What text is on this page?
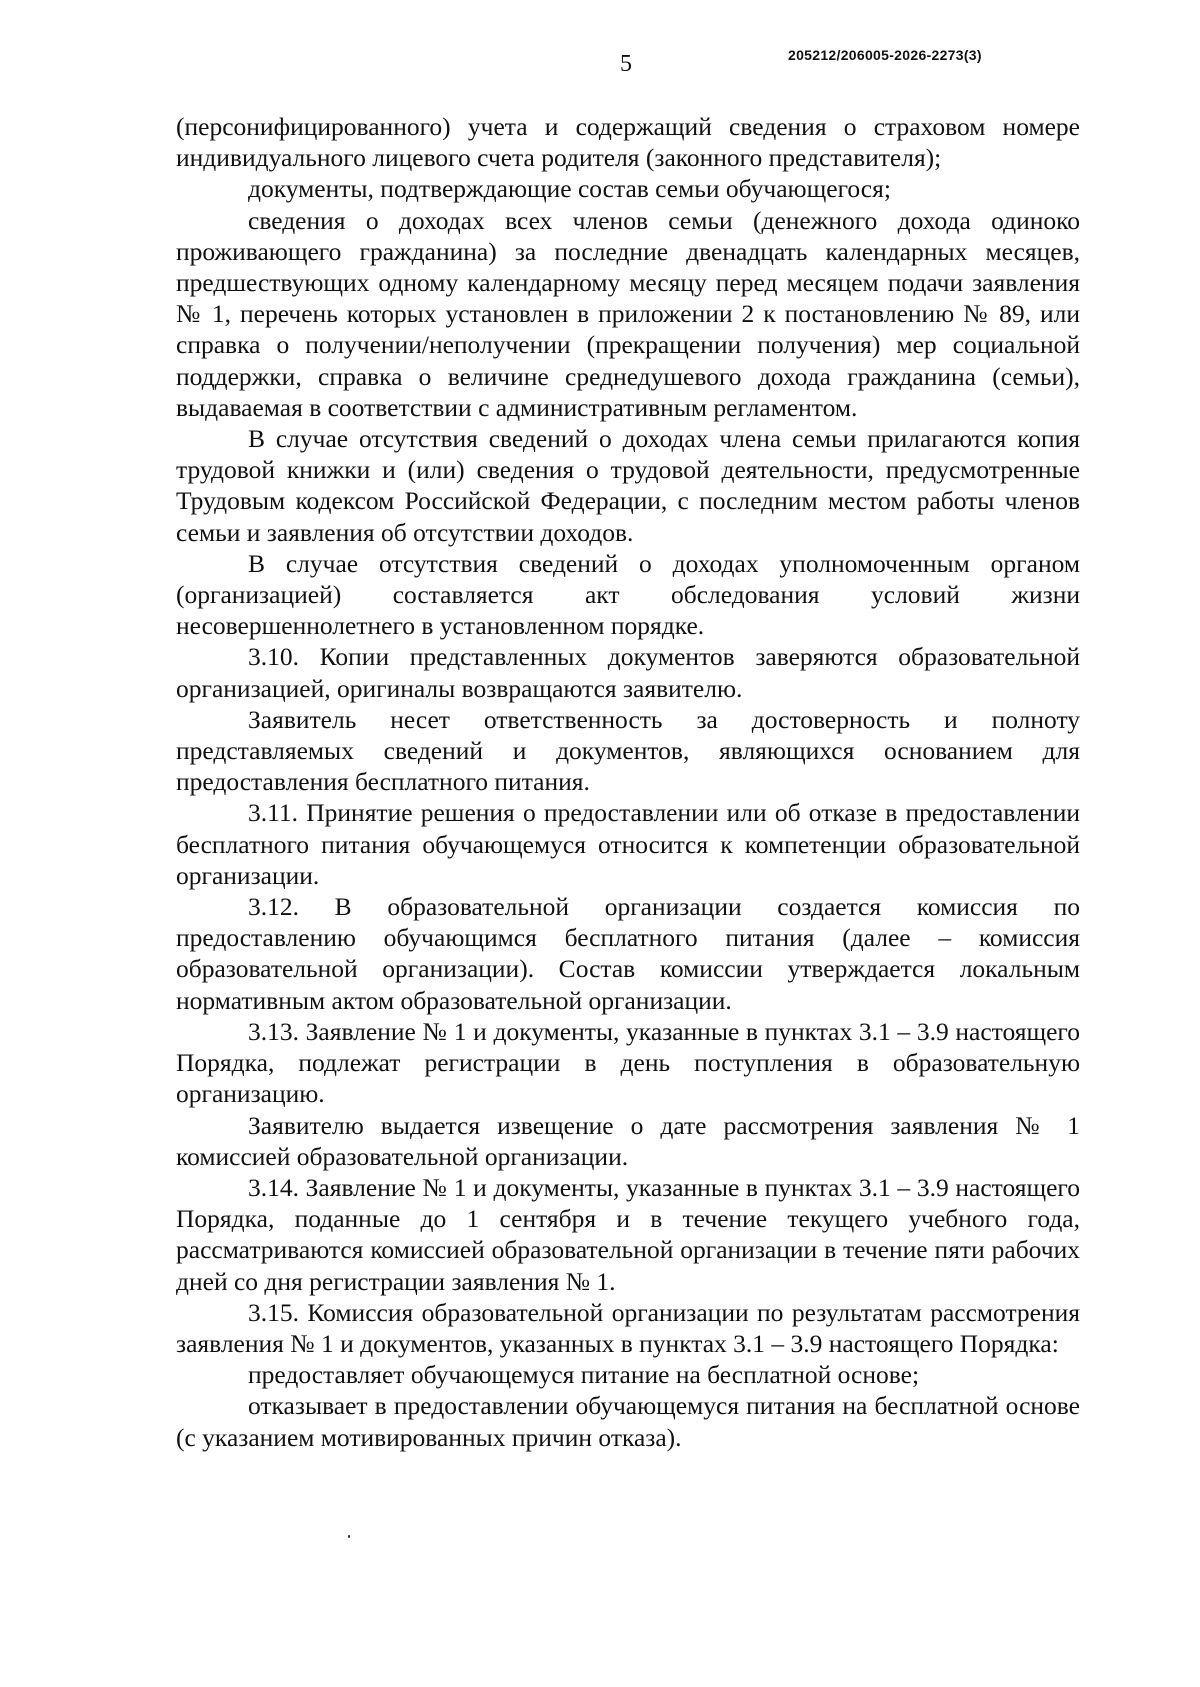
5	205212/206005-2026-2273(3)

(персонифицированного) учета и содержащий сведения о страховом номере индивидуального лицевого счета родителя (законного представителя);

документы, подтверждающие состав семьи обучающегося;

сведения о доходах всех членов семьи (денежного дохода одиноко проживающего гражданина) за последние двенадцать календарных месяцев, предшествующих одному календарному месяцу перед месяцем подачи заявления № 1, перечень которых установлен в приложении 2 к постановлению № 89, или справка о получении/неполучении (прекращении получения) мер социальной поддержки, справка о величине среднедушевого дохода гражданина (семьи), выдаваемая в соответствии с административным регламентом.

В случае отсутствия сведений о доходах члена семьи прилагаются копия трудовой книжки и (или) сведения о трудовой деятельности, предусмотренные Трудовым кодексом Российской Федерации, с последним местом работы членов семьи и заявления об отсутствии доходов.

В случае отсутствия сведений о доходах уполномоченным органом (организацией) составляется акт обследования условий жизни несовершеннолетнего в установленном порядке.

3.10. Копии представленных документов заверяются образовательной организацией, оригиналы возвращаются заявителю.

Заявитель несет ответственность за достоверность и полноту представляемых сведений и документов, являющихся основанием для предоставления бесплатного питания.

3.11. Принятие решения о предоставлении или об отказе в предоставлении бесплатного питания обучающемуся относится к компетенции образовательной организации.

3.12. В образовательной организации создается комиссия по предоставлению обучающимся бесплатного питания (далее – комиссия образовательной организации). Состав комиссии утверждается локальным нормативным актом образовательной организации.

3.13. Заявление № 1 и документы, указанные в пунктах 3.1 – 3.9 настоящего Порядка, подлежат регистрации в день поступления в образовательную организацию.

Заявителю выдается извещение о дате рассмотрения заявления № 1 комиссией образовательной организации.

3.14. Заявление № 1 и документы, указанные в пунктах 3.1 – 3.9 настоящего Порядка, поданные до 1 сентября и в течение текущего учебного года, рассматриваются комиссией образовательной организации в течение пяти рабочих дней со дня регистрации заявления № 1.

3.15. Комиссия образовательной организации по результатам рассмотрения заявления № 1 и документов, указанных в пунктах 3.1 – 3.9 настоящего Порядка:

предоставляет обучающемуся питание на бесплатной основе;

отказывает в предоставлении обучающемуся питания на бесплатной основе (с указанием мотивированных причин отказа).
